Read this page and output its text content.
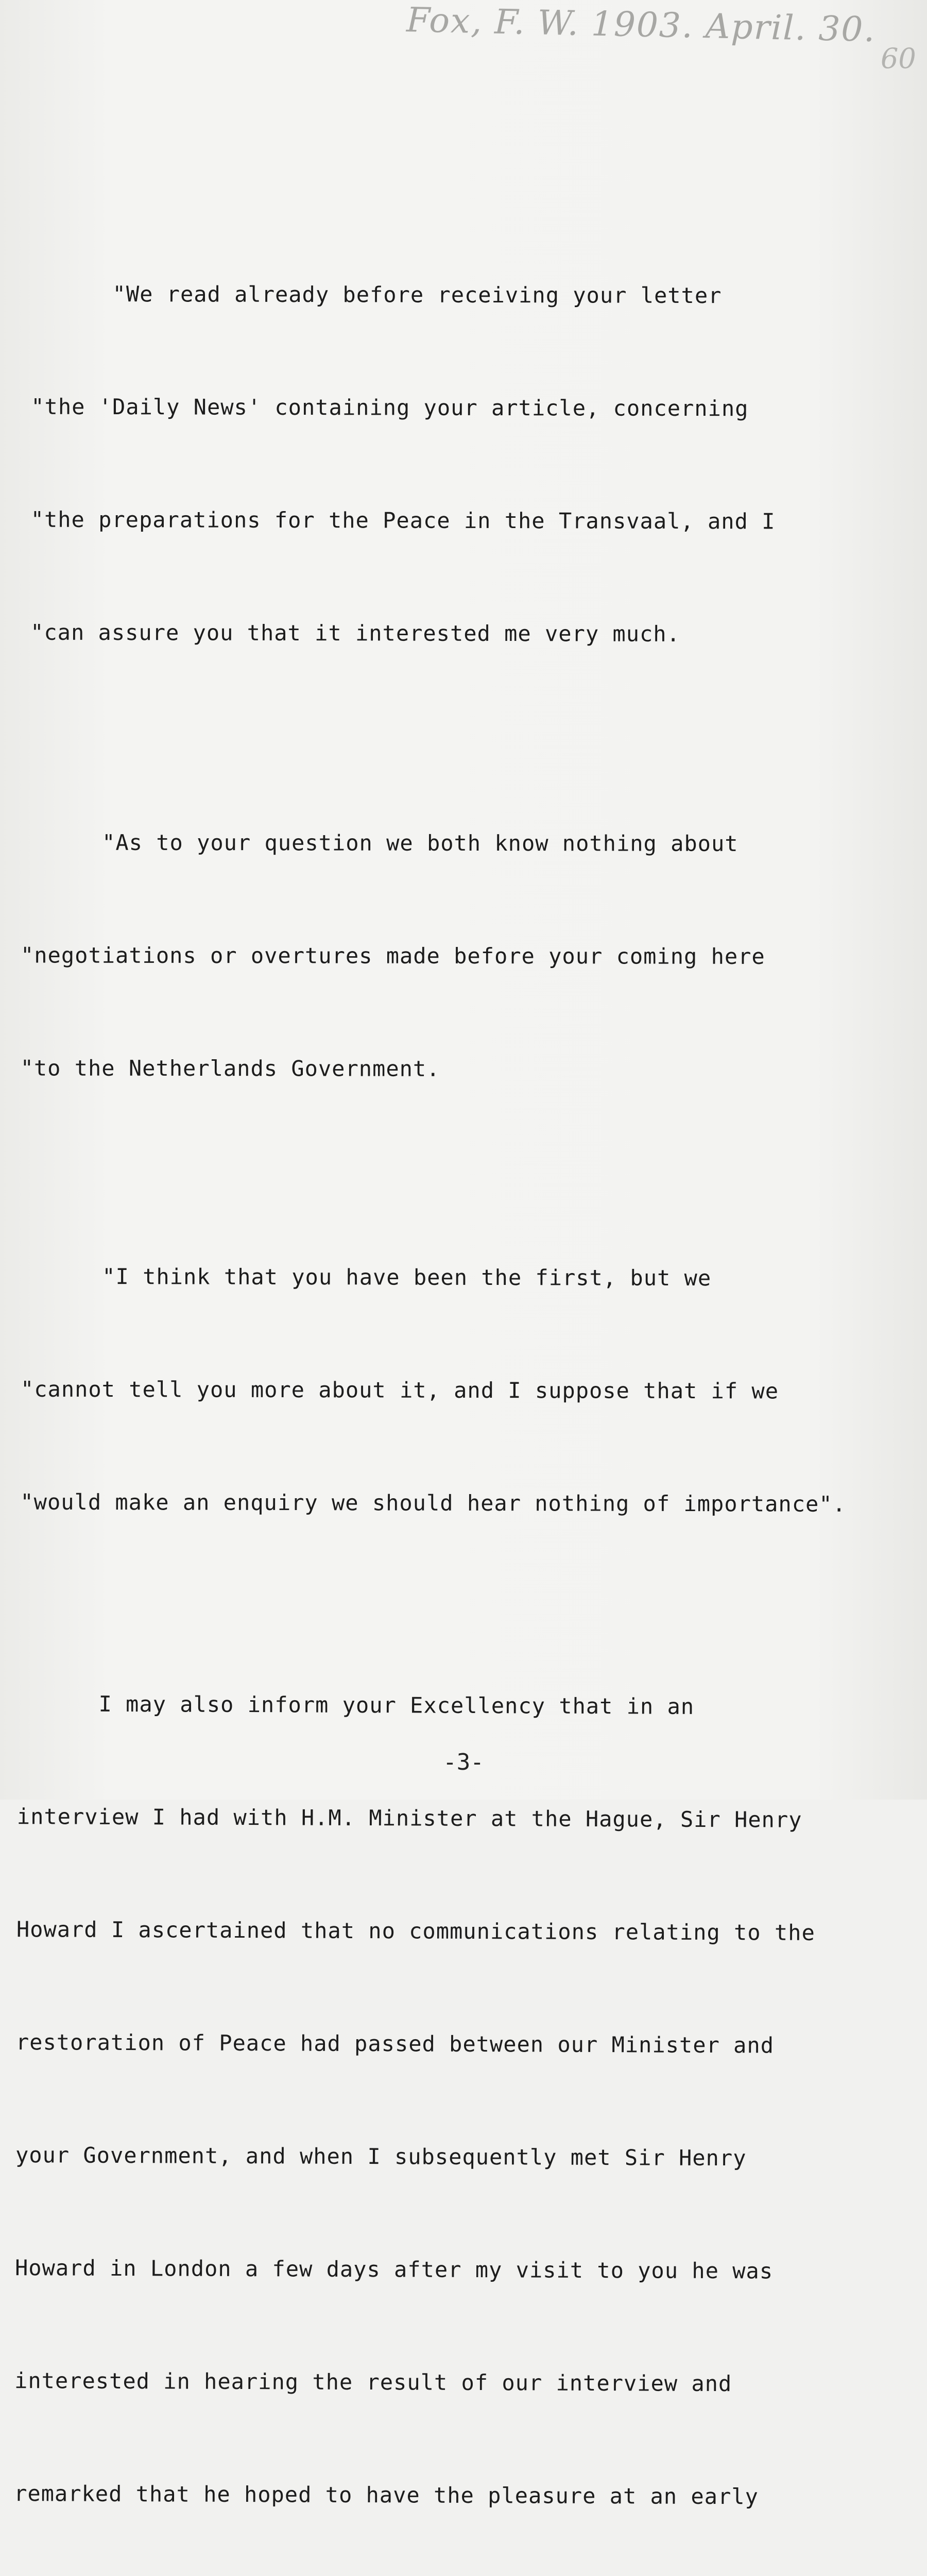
Fox, F. W. 1903. April. 30.
60

"We read already before receiving your letter

"the 'Daily News' containing your article, concerning

"the preparations for the Peace in the Transvaal, and I

"can assure you that it interested me very much.

"As to your question we both know nothing about

"negotiations or overtures made before your coming here

"to the Netherlands Government.

"I think that you have been the first, but we

"cannot tell you more about it, and I suppose that if we

"would make an enquiry we should hear nothing of importance".

I may also inform your Excellency that in an

interview I had with H.M. Minister at the Hague, Sir Henry

Howard I ascertained that no communications relating to the

restoration of Peace had passed between our Minister and

your Government, and when I subsequently met Sir Henry

Howard in London a few days after my visit to you he was

interested in hearing the result of our interview and

remarked that he hoped to have the pleasure at an early

-3-
